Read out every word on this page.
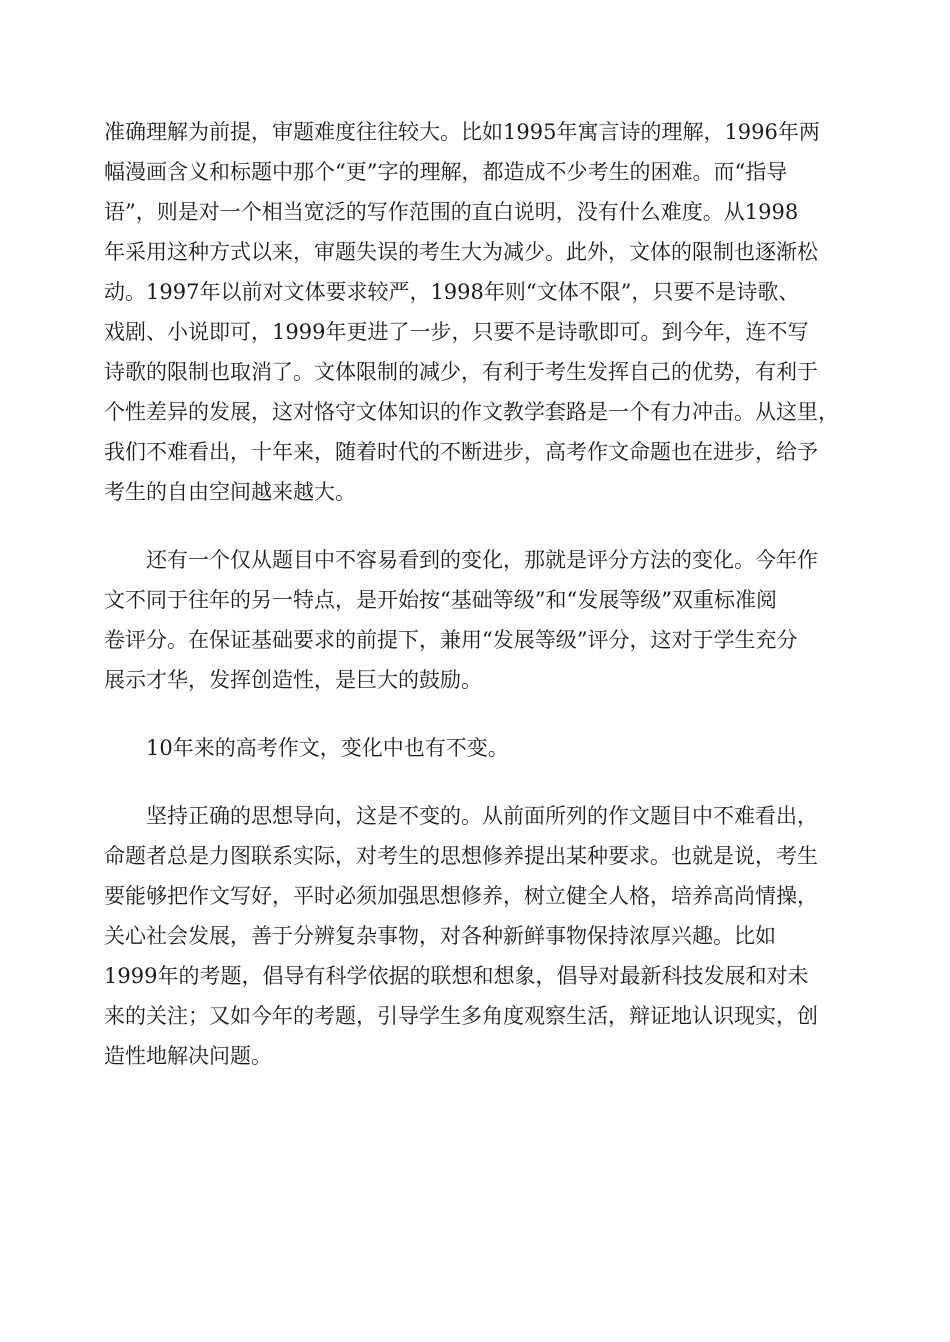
准确理解为前提，审题难度往往较大。比如1995年寓言诗的理解，1996年两
幅漫画含义和标题中那个“更”字的理解，都造成不少考生的困难。而“指导
语”，则是对一个相当宽泛的写作范围的直白说明，没有什么难度。从1998
年采用这种方式以来，审题失误的考生大为减少。此外，文体的限制也逐渐松
动。1997年以前对文体要求较严，1998年则“文体不限”，只要不是诗歌、
戏剧、小说即可，1999年更进了一步，只要不是诗歌即可。到今年，连不写
诗歌的限制也取消了。文体限制的减少，有利于考生发挥自己的优势，有利于
个性差异的发展，这对恪守文体知识的作文教学套路是一个有力冲击。从这里，
我们不难看出，十年来，随着时代的不断进步，高考作文命题也在进步，给予
考生的自由空间越来越大。
还有一个仅从题目中不容易看到的变化，那就是评分方法的变化。今年作
文不同于往年的另一特点，是开始按“基础等级”和“发展等级”双重标准阅
卷评分。在保证基础要求的前提下，兼用“发展等级”评分，这对于学生充分
展示才华，发挥创造性，是巨大的鼓励。
10年来的高考作文，变化中也有不变。
坚持正确的思想导向，这是不变的。从前面所列的作文题目中不难看出，
命题者总是力图联系实际，对考生的思想修养提出某种要求。也就是说，考生
要能够把作文写好，平时必须加强思想修养，树立健全人格，培养高尚情操，
关心社会发展，善于分辨复杂事物，对各种新鲜事物保持浓厚兴趣。比如
1999年的考题，倡导有科学依据的联想和想象，倡导对最新科技发展和对未
来的关注；又如今年的考题，引导学生多角度观察生活，辩证地认识现实，创
造性地解决问题。
